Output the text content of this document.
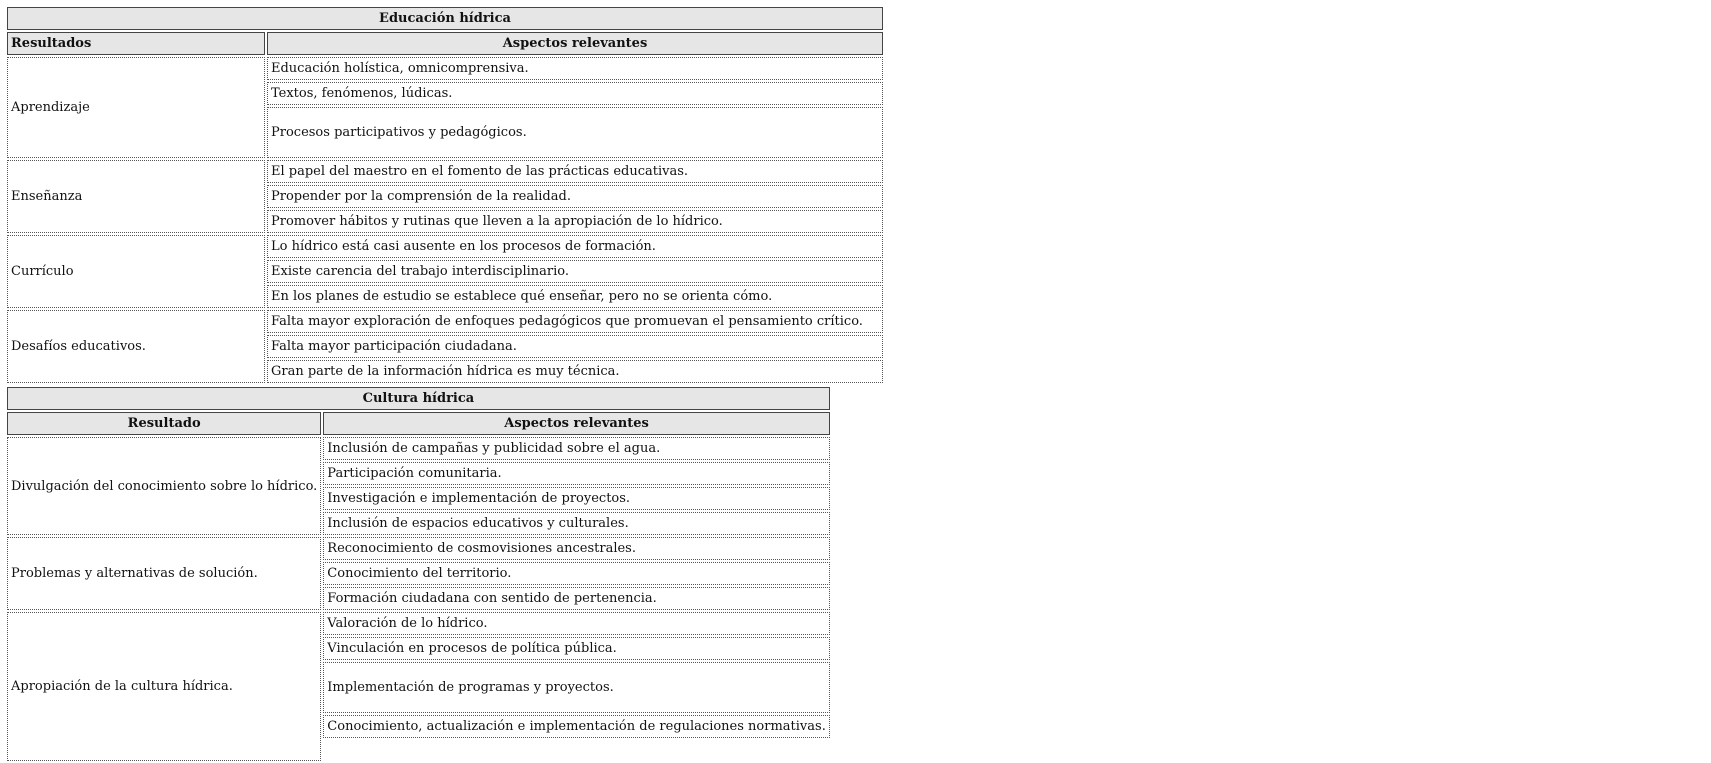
Educación hídrica	
Resultados	Aspectos relevantes
Aprendizaje	Educación holística, omnicomprensiva.
	Textos, fenómenos, lúdicas.
	Procesos participativos y pedagógicos.
Enseñanza	El papel del maestro en el fomento de las prácticas educativas.
	Propender por la comprensión de la realidad.
	Promover hábitos y rutinas que lleven a la apropiación de lo hídrico.
Currículo	Lo hídrico está casi ausente en los procesos de formación.
	Existe carencia del trabajo interdisciplinario.
	En los planes de estudio se establece qué enseñar, pero no se orienta cómo.
Desafíos educativos.	Falta mayor exploración de enfoques pedagógicos que promuevan el pensamiento crítico.
	Falta mayor participación ciudadana.
	Gran parte de la información hídrica es muy técnica.
Cultura hídrica	
Resultado	Aspectos relevantes
Divulgación del conocimiento sobre lo hídrico.	Inclusión de campañas y publicidad sobre el agua.
	Participación comunitaria.
	Investigación e implementación de proyectos.
	Inclusión de espacios educativos y culturales.
Problemas y alternativas de solución.	Reconocimiento de cosmovisiones ancestrales.
	Conocimiento del territorio.
	Formación ciudadana con sentido de pertenencia.
Apropiación de la cultura hídrica.	Valoración de lo hídrico.
	Vinculación en procesos de política pública.
	Implementación de programas y proyectos.
	Conocimiento, actualización e implementación de regulaciones normativas.
